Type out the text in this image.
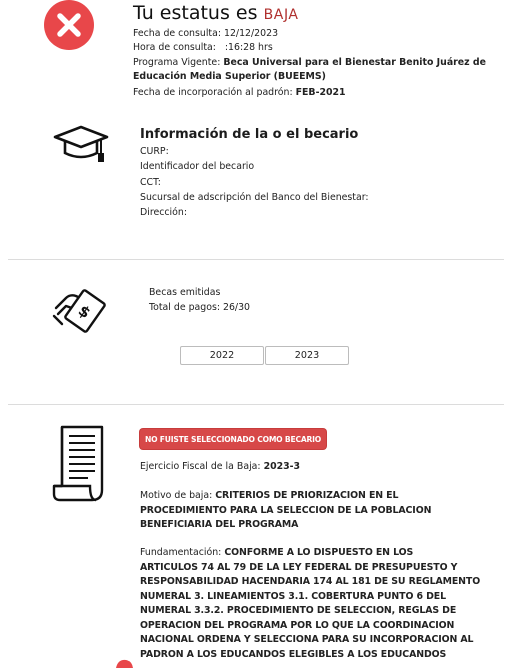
Tu estatus es BAJA
Fecha de consulta: 12/12/2023
Hora de consulta: :16:28 hrs
Programa Vigente: Beca Universal para el Bienestar Benito Juárez de
Educación Media Superior (BUEEMS)
Fecha de incorporación al padrón: FEB-2021
Información de la o el becario
CURP:
Identificador del becario
CCT:
Sucursal de adscripción del Banco del Bienestar:
Dirección:
$
Becas emitidas
Total de pagos: 26/30
2022	2023
NO FUISTE SELECCIONADO COMO BECARIO
Ejercicio Fiscal de la Baja: 2023-3
Motivo de baja: CRITERIOS DE PRIORIZACION EN EL
PROCEDIMIENTO PARA LA SELECCION DE LA POBLACION
BENEFICIARIA DEL PROGRAMA
Fundamentación: CONFORME A LO DISPUESTO EN LOS
ARTICULOS 74 AL 79 DE LA LEY FEDERAL DE PRESUPUESTO Y
RESPONSABILIDAD HACENDARIA 174 AL 181 DE SU REGLAMENTO
NUMERAL 3. LINEAMIENTOS 3.1. COBERTURA PUNTO 6 DEL
NUMERAL 3.3.2. PROCEDIMIENTO DE SELECCION, REGLAS DE
OPERACION DEL PROGRAMA POR LO QUE LA COORDINACION
NACIONAL ORDENA Y SELECCIONA PARA SU INCORPORACION AL
PADRON A LOS EDUCANDOS ELEGIBLES A LOS EDUCANDOS
